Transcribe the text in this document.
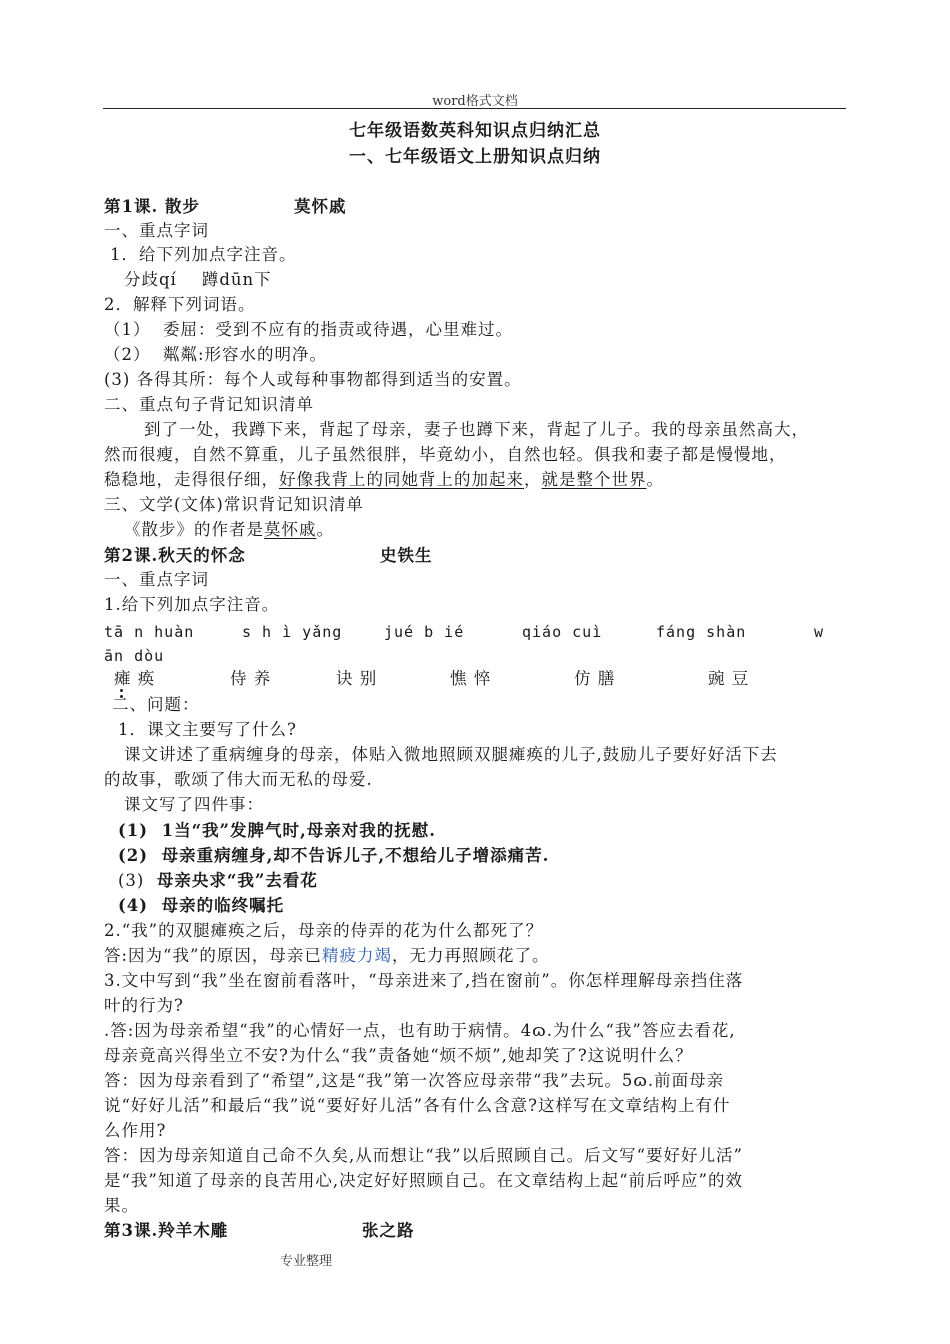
word格式文档
七年级语数英科知识点归纳汇总
一、七年级语文上册知识点归纳
第1课. 散步	莫怀戚
一、重点字词
1．给下列加点字注音。
分歧qí    蹲dūn下
2．解释下列词语。
（1）  委屈：受到不应有的指责或待遇，心里难过。
（2）  粼粼:形容水的明净。
(3) 各得其所：每个人或每种事物都得到适当的安置。
二、重点句子背记知识清单
到了一处，我蹲下来，背起了母亲，妻子也蹲下来，背起了儿子。我的母亲虽然高大，
然而很瘦，自然不算重，儿子虽然很胖，毕竟幼小，自然也轻。俱我和妻子都是慢慢地，
稳稳地，走得很仔细，好像我背上的同她背上的加起来，就是整个世界。
三、文学(文体)常识背记知识清单
《散步》的作者是莫怀戚。
第2课.秋天的怀念	史铁生
一、重点字词
1.给下列加点字注音。
tā n huàn	s h ì yǎng	jué b ié	qiáo cuì	fáng shàn	w
ān dòu
瘫 痪	侍 养	诀 别	憔 悴	仿 膳	豌 豆
二、问题：
1．课文主要写了什么?
课文讲述了重病缠身的母亲，体贴入微地照顾双腿瘫痪的儿子,鼓励儿子要好好活下去
的故事，歌颂了伟大而无私的母爱.
课文写了四件事：
(1)  1当“我”发脾气时,母亲对我的抚慰.
(2)  母亲重病缠身,却不告诉儿子,不想给儿子增添痛苦.
(3)  母亲央求“我”去看花
(4)  母亲的临终嘱托
2.“我”的双腿瘫痪之后，母亲的侍弄的花为什么都死了？
答:因为“我”的原因，母亲已精疲力竭，无力再照顾花了。
3.文中写到“我”坐在窗前看落叶，“母亲进来了,挡在窗前”。你怎样理解母亲挡住落
叶的行为?
.答:因为母亲希望“我”的心情好一点，也有助于病情。4ɷ.为什么“我”答应去看花,
母亲竟高兴得坐立不安?为什么“我”责备她“烦不烦”,她却笑了?这说明什么？
答：因为母亲看到了“希望”,这是“我”第一次答应母亲带“我”去玩。5ɷ.前面母亲
说“好好儿活”和最后“我”说“要好好儿活”各有什么含意?这样写在文章结构上有什
么作用?
答：因为母亲知道自己命不久矣,从而想让“我”以后照顾自己。后文写“要好好儿活”
是“我”知道了母亲的良苦用心,决定好好照顾自己。在文章结构上起“前后呼应”的效
果。
第3课.羚羊木雕	张之路
专业整理
